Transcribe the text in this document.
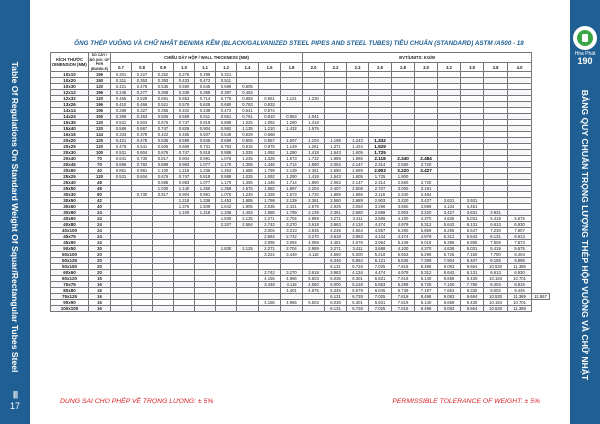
Table Of Regulations On Standard Weight Of Squar/Rectangular Tubes Steel
||||
17
Hòa Phát
190
BẢNG QUY CHUẨN TRỌNG LƯỢNG THÉP HỘP VUÔNG VÀ CHỮ NHẬT
ỐNG THÉP VUÔNG VÀ CHỮ NHẬT ĐEN/MẠ KẼM (BLACK/GALVANIZED STEEL PIPES AND STEEL TUBES) TIÊU CHUẨN (STANDARD) ASTM /A500 - 18
KÍCH THƯỚC DIMENSION (MM)	SỐ CÂY / BÓ (NO. OF PER (BUNDLE)	CHIỀU DÀY HỘP / WALL THICKNESS (MM)									ĐVT/UNITS: KG/M										
		0.7	0.8	0.9	1.0	1.1	1.2	1.4	1.5	1.8	2.0	2.2	2.3	2.5	2.8	3.0	3.2	3.5	3.8	4.0	
10x10	196	0.201	0.227	0.252	0.276	0.299	0.321														
10x20	150	0.311	0.353	0.393	0.433	0.472	0.511														
10x30	120	0.421	0.478	0.535	0.590	0.645	0.699	0.805													
12x12	196	0.245	0.277	0.308	0.339	0.369	0.397	0.453													
12x32	120	0.465	0.529	0.591	0.653	0.714	0.775	0.893	0.951	1.121	1.230										
13x26	196	0.410	0.466	0.521	0.575	0.628	0.680	0.783	0.833												
14x14	196	0.289	0.327	0.365	0.402	0.438	0.473	0.541	0.574												
14x24	150	0.399	0.453	0.506	0.559	0.611	0.661	0.761	0.810	0.953	1.041										
15x35	120	0.531	0.604	0.676	0.747	0.818	0.888	1.025	1.092	1.290	1.418										
15x40	120	0.586	0.667	0.747	0.826	0.904	0.982	1.135	1.210	1.432	1.575										
16x16	144	0.333	0.378	0.422	0.465	0.507	0.548	0.629	0.668												
20x20	120	0.421	0.478	0.535	0.590	0.645	0.699	0.805	0.857	1.007	1.104	1.198	1.243	1.332							
20x25	120	0.476	0.541	0.605	0.669	0.731	0.793	0.915	0.975	1.149	1.261	1.371	1.424	1.529							
20x30	100	0.531	0.604	0.676	0.747	0.818	0.888	1.025	1.092	1.290	1.418	1.543	1.605	1.725							
20x40	70	0.641	0.730	0.817	0.904	0.991	1.076	1.245	1.328	1.573	1.732	1.889	1.966	2.118	2.340	2.484					
20x45	70	0.696	0.792	0.888	0.983	1.077	1.170	1.355	1.446	1.714	1.890	2.062	2.147	2.314	2.560	2.720					
20x60	40	0.861	0.981	1.100	1.218	1.336	1.453	1.685	1.799	2.139	2.361	2.580	2.689	2.903	3.220	3.427					
25x25	120	0.531	0.604	0.676	0.747	0.818	0.888	1.025	1.092	1.290	1.418	1.543	1.605	1.725	1.900						
25x40	48			0.888	0.983	1.077	1.170	1.355	1.446	1.714	1.890	2.062	2.147	2.314	2.560	2.720					
25x50	48			1.030	1.140	1.250	1.359	1.575	1.682	1.997	2.204	2.407	2.508	2.707	3.000	3.191					
30x30	80		0.730	0.817	0.904	0.991	1.076	1.245	1.328	1.573	1.732	1.889	1.966	2.118	2.340	2.484					
30x50	42				1.218	1.336	1.453	1.685	1.799	2.139	2.361	2.580	2.689	2.903	3.220	3.427	3.631	3.931			
30x60	40				1.376	1.509	1.642	1.905	2.035	2.421	2.675	2.926	3.050	3.296	3.660	3.898	4.134	4.481			
30x90	24				1.100	1.218	1.336	1.453	1.685	1.799	2.139	2.361	2.580	2.689	2.903	3.220	3.427	3.631	3.931		
40x60	24						1.830	2.125	2.271	2.704	2.989	3.271	3.411	3.689	4.100	4.370	4.636	5.031	5.419	5.675	
40x80	24						2.207	2.564	2.742	3.270	3.618	3.963	4.134	4.474	4.979	5.312	5.642	6.131	6.613	6.930	
40x100	24								3.004	3.213	3.835	4.246	4.654	4.857	5.260	5.859	6.255	6.647	7.230	7.807	
45x75	24								2.564	2.742	3.270	3.618	3.963	4.134	4.474	4.979	5.312	5.642	6.131	6.613	
45x90	24								3.095	3.094	4.089	4.481	4.676	3.064	5.439	6.019	6.396	6.955	7.508	7.873	
50x50	30						1.830	2.125	2.271	2.704	2.989	3.271	3.411	3.689	4.100	4.370	4.636	5.031	5.419	5.675	
50x100	20								3.224	3.449	4.118	4.560	5.000	5.218	5.653	6.299	6.726	7.150	7.780	8.404	
50x125	20											5.346	5.864	6.121	6.635	7.399	7.904	8.407	9.155	9.896	
50x150	20											6.131	6.728	7.025	7.616	8.498	9.083	9.664	10.530	11.389	
60x60	20								2.742	3.270	3.618	3.963	4.134	4.474	4.979	5.312	5.642	6.131	6.613	6.930	
60x120	15								4.156	4.966	5.503	6.036	6.301	6.831	7.619	8.140	8.658	9.430	10.193	10.701	
75x75	16								3.449	4.118	4.560	5.000	5.218	5.653	6.299	6.726	7.150	7.780	8.404	8.815	
80x80	16									4.401	4.875	5.345	5.579	6.045	6.739	7.197	7.653	8.330	9.002	9.446	
75x125	16											6.131	6.728	7.025	7.616	8.498	9.083	9.664	10.530	11.389	11.957
90x90	16								4.156	4.966	5.503	6.036	6.301	6.831	7.619	8.140	8.658	9.430	10.193	10.701	
100x100	16											6.131	6.728	7.025	7.616	8.498	9.083	9.664	10.530	11.389	
DUNG SAI CHO PHÉP VỀ TRỌNG LƯỢNG: ± 5%	PERMISSIBLE TOLERANCE OF WEIGHT: ± 5%
